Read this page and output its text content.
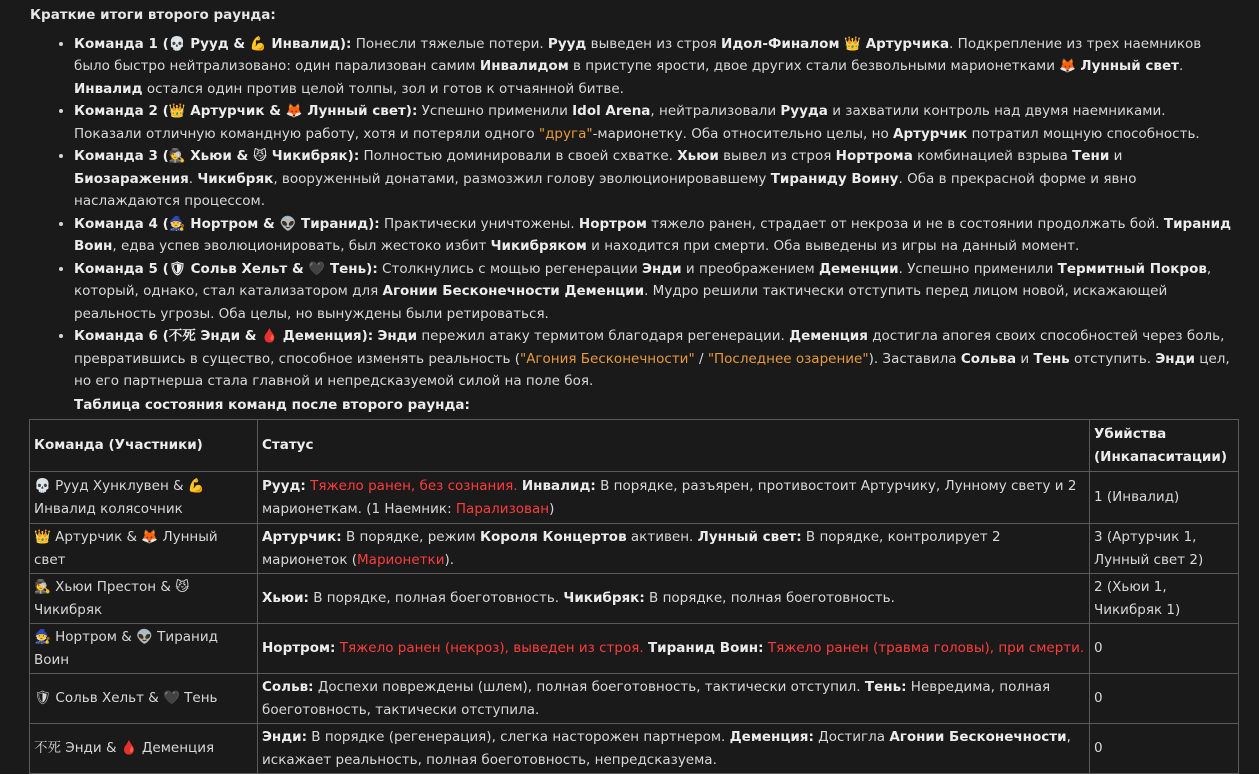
Краткие итоги второго раунда:
• Команда 1 (💀 Рууд & 💪 Инвалид): Понесли тяжелые потери. Рууд выведен из строя Идол-Финалом 👑 Артурчика. Подкрепление из трех наемников было быстро нейтрализовано: один парализован самим Инвалидом в приступе ярости, двое других стали безвольными марионетками 🦊 Лунный свет. Инвалид остался один против целой толпы, зол и готов к отчаянной битве.
• Команда 2 (👑 Артурчик & 🦊 Лунный свет): Успешно применили Idol Arena, нейтрализовали Рууда и захватили контроль над двумя наемниками. Показали отличную командную работу, хотя и потеряли одного "друга"-марионетку. Оба относительно целы, но Артурчик потратил мощную способность.
• Команда 3 (🕵 Хьюи & 😼 Чикибряк): Полностью доминировали в своей схватке. Хьюи вывел из строя Нортрома комбинацией взрыва Тени и Биозаражения. Чикибряк, вооруженный донатами, размозжил голову эволюционировавшему Тираниду Воину. Оба в прекрасной форме и явно наслаждаются процессом.
• Команда 4 (🧙 Нортром & 👽 Тиранид): Практически уничтожены. Нортром тяжело ранен, страдает от некроза и не в состоянии продолжать бой. Тиранид Воин, едва успев эволюционировать, был жестоко избит Чикибряком и находится при смерти. Оба выведены из игры на данный момент.
• Команда 5 (🛡 Сольв Хельт & 🖤 Тень): Столкнулись с мощью регенерации Энди и преображением Деменции. Успешно применили Термитный Покров, который, однако, стал катализатором для Агонии Бесконечности Деменции. Мудро решили тактически отступить перед лицом новой, искажающей реальность угрозы. Оба целы, но вынуждены были ретироваться.
• Команда 6 (不死 Энди & 🩸 Деменция): Энди пережил атаку термитом благодаря регенерации. Деменция достигла апогея своих способностей через боль, превратившись в существо, способное изменять реальность ("Агония Бесконечности" / "Последнее озарение"). Заставила Сольва и Тень отступить. Энди цел, но его партнерша стала главной и непредсказуемой силой на поле боя.
Таблица состояния команд после второго раунда:
Команда (Участники)	Статус	Убийства (Инкапаситации)
💀 Рууд Хунклувен & 💪 Инвалид колясочник	Рууд: Тяжело ранен, без сознания. Инвалид: В порядке, разъярен, противостоит Артурчику, Лунному свету и 2 марионеткам. (1 Наемник: Парализован)	1 (Инвалид)
👑 Артурчик & 🦊 Лунный свет	Артурчик: В порядке, режим Короля Концертов активен. Лунный свет: В порядке, контролирует 2 марионеток (Марионетки).	3 (Артурчик 1, Лунный свет 2)
🕵 Хьюи Престон & 😼 Чикибряк	Хьюи: В порядке, полная боеготовность. Чикибряк: В порядке, полная боеготовность.	2 (Хьюи 1, Чикибряк 1)
🧙 Нортром & 👽 Тиранид Воин	Нортром: Тяжело ранен (некроз), выведен из строя. Тиранид Воин: Тяжело ранен (травма головы), при смерти.	0
🛡 Сольв Хельт & 🖤 Тень	Сольв: Доспехи повреждены (шлем), полная боеготовность, тактически отступил. Тень: Невредима, полная боеготовность, тактически отступила.	0
不死 Энди & 🩸 Деменция	Энди: В порядке (регенерация), слегка насторожен партнером. Деменция: Достигла Агонии Бесконечности, искажает реальность, полная боеготовность, непредсказуема.	0
